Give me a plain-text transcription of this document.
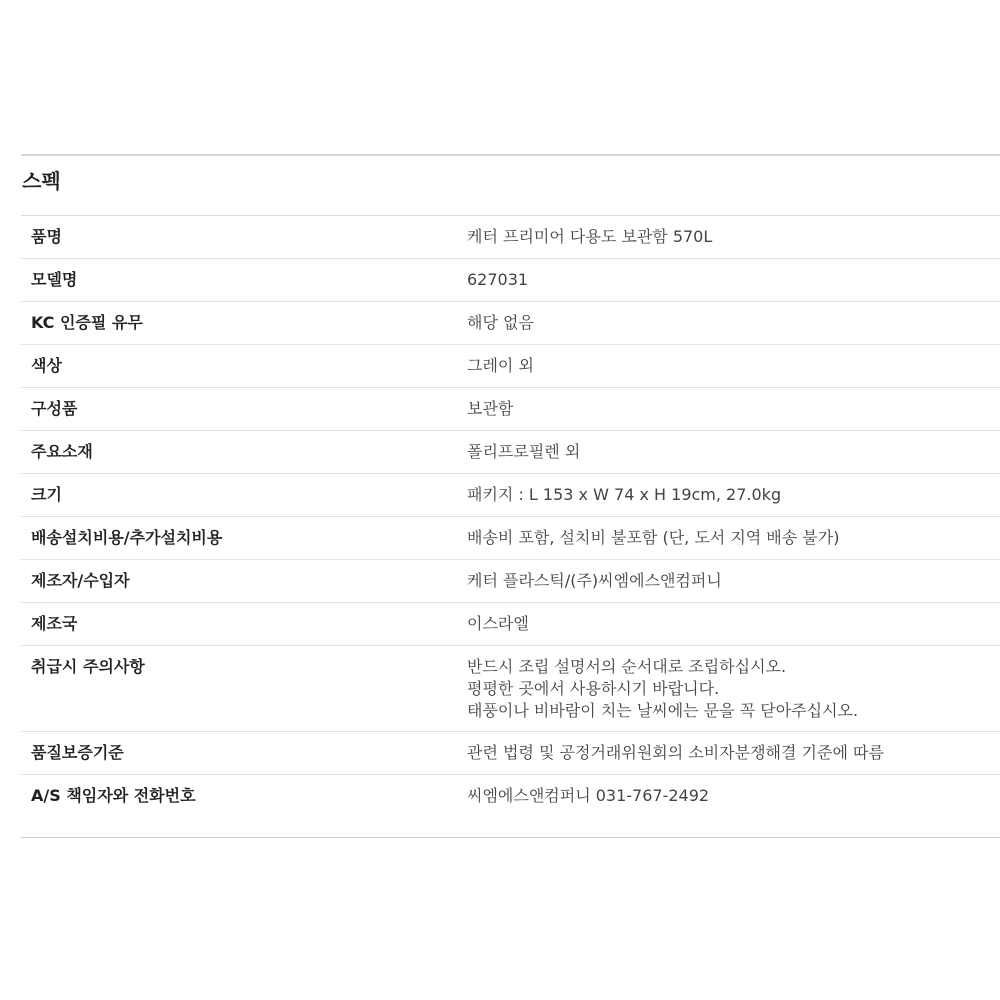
스펙
품명	케터 프리미어 다용도 보관함 570L
모델명	627031
KC 인증필 유무	해당 없음
색상	그레이 외
구성품	보관함
주요소재	폴리프로필렌 외
크기	패키지 : L 153 x W 74 x H 19cm, 27.0kg
배송설치비용/추가설치비용	배송비 포함, 설치비 불포함 (단, 도서 지역 배송 불가)
제조자/수입자	케터 플라스틱/(주)씨엠에스앤컴퍼니
제조국	이스라엘
취급시 주의사항	반드시 조립 설명서의 순서대로 조립하십시오.
평평한 곳에서 사용하시기 바랍니다.
태풍이나 비바람이 치는 날씨에는 문을 꼭 닫아주십시오.
품질보증기준	관련 법령 및 공정거래위원회의 소비자분쟁해결 기준에 따름
A/S 책임자와 전화번호	씨엠에스앤컴퍼니 031-767-2492
